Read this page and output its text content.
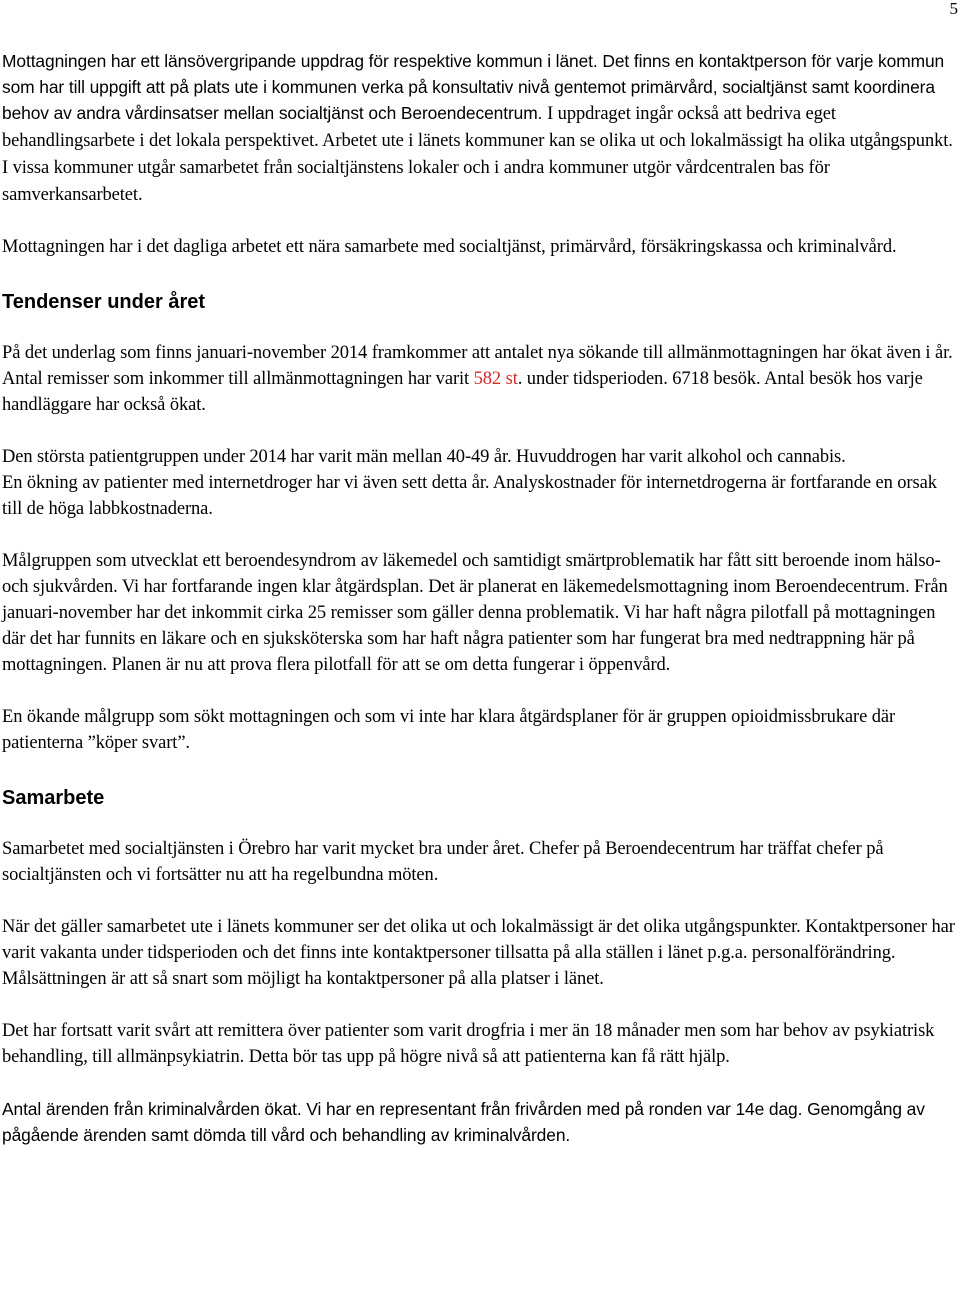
5

Mottagningen har ett länsövergripande uppdrag för respektive kommun i länet. Det finns en kontaktperson för varje kommun som har till uppgift att på plats ute i kommunen verka på konsultativ nivå gentemot primärvård, socialtjänst samt koordinera behov av andra vårdinsatser mellan socialtjänst och Beroendecentrum. I uppdraget ingår också att bedriva eget behandlingsarbete i det lokala perspektivet. Arbetet ute i länets kommuner kan se olika ut och lokalmässigt ha olika utgångspunkt. I vissa kommuner utgår samarbetet från socialtjänstens lokaler och i andra kommuner utgör vårdcentralen bas för samverkansarbetet.

Mottagningen har i det dagliga arbetet ett nära samarbete med socialtjänst, primärvård, försäkringskassa och kriminalvård.

Tendenser under året

På det underlag som finns januari-november 2014 framkommer att antalet nya sökande till allmänmottagningen har ökat även i år. Antal remisser som inkommer till allmänmottagningen har varit 582 st. under tidsperioden. 6718 besök. Antal besök hos varje handläggare har också ökat.

Den största patientgruppen under 2014 har varit män mellan 40-49 år. Huvuddrogen har varit alkohol och cannabis.

En ökning av patienter med internetdroger har vi även sett detta år. Analyskostnader för internetdrogerna är fortfarande en orsak till de höga labbkostnaderna.

Målgruppen som utvecklat ett beroendesyndrom av läkemedel och samtidigt smärtproblematik har fått sitt beroende inom hälso- och sjukvården. Vi har fortfarande ingen klar åtgärdsplan. Det är planerat en läkemedelsmottagning inom Beroendecentrum. Från januari-november har det inkommit cirka 25 remisser som gäller denna problematik. Vi har haft några pilotfall på mottagningen där det har funnits en läkare och en sjuksköterska som har haft några patienter som har fungerat bra med nedtrappning här på mottagningen. Planen är nu att prova flera pilotfall för att se om detta fungerar i öppenvård.

En ökande målgrupp som sökt mottagningen och som vi inte har klara åtgärdsplaner för är gruppen opioidmissbrukare där patienterna ”köper svart”.

Samarbete

Samarbetet med socialtjänsten i Örebro har varit mycket bra under året. Chefer på Beroendecentrum har träffat chefer på socialtjänsten och vi fortsätter nu att ha regelbundna möten.

När det gäller samarbetet ute i länets kommuner ser det olika ut och lokalmässigt är det olika utgångspunkter. Kontaktpersoner har varit vakanta under tidsperioden och det finns inte kontaktpersoner tillsatta på alla ställen i länet p.g.a. personalförändring. Målsättningen är att så snart som möjligt ha kontaktpersoner på alla platser i länet.

Det har fortsatt varit svårt att remittera över patienter som varit drogfria i mer än 18 månader men som har behov av psykiatrisk behandling, till allmänpsykiatrin. Detta bör tas upp på högre nivå så att patienterna kan få rätt hjälp.

Antal ärenden från kriminalvården ökat. Vi har en representant från frivården med på ronden var 14e dag. Genomgång av pågående ärenden samt dömda till vård och behandling av kriminalvården.
